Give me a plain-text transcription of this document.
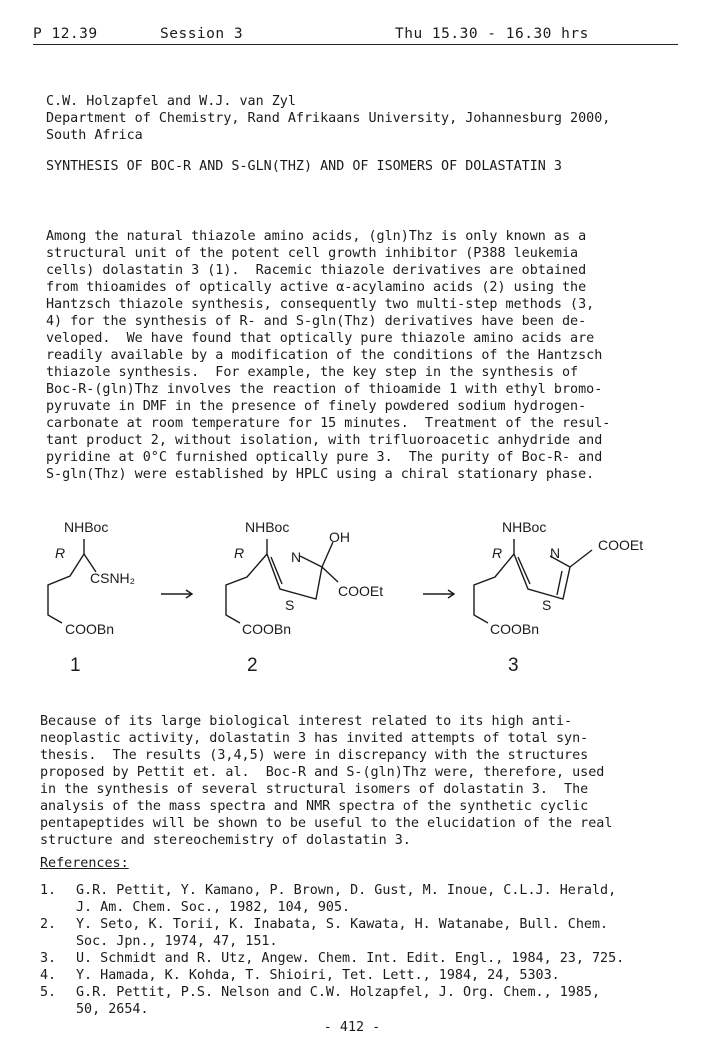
P 12.39	Session 3	Thu 15.30 - 16.30 hrs
C.W. Holzapfel and W.J. van Zyl
Department of Chemistry, Rand Afrikaans University, Johannesburg 2000,
South Africa
SYNTHESIS OF BOC-R AND S-GLN(THZ) AND OF ISOMERS OF DOLASTATIN 3
Among the natural thiazole amino acids, (gln)Thz is only known as a
structural unit of the potent cell growth inhibitor (P388 leukemia
cells) dolastatin 3 (1).  Racemic thiazole derivatives are obtained
from thioamides of optically active α-acylamino acids (2) using the
Hantzsch thiazole synthesis, consequently two multi-step methods (3,
4) for the synthesis of R- and S-gln(Thz) derivatives have been de-
veloped.  We have found that optically pure thiazole amino acids are
readily available by a modification of the conditions of the Hantzsch
thiazole synthesis.  For example, the key step in the synthesis of
Boc-R-(gln)Thz involves the reaction of thioamide 1 with ethyl bromo-
pyruvate in DMF in the presence of finely powdered sodium hydrogen-
carbonate at room temperature for 15 minutes.  Treatment of the resul-
tant product 2, without isolation, with trifluoroacetic anhydride and
pyridine at 0°C furnished optically pure 3.  The purity of Boc-R- and
S-gln(Thz) were established by HPLC using a chiral stationary phase.
NHBoc
R
CSNH₂
COOBn
1
NHBoc
R	N
OH
S
COOEt
COOBn
2
NHBoc
R	N
S
COOEt
COOBn
3
Because of its large biological interest related to its high anti-
neoplastic activity, dolastatin 3 has invited attempts of total syn-
thesis.  The results (3,4,5) were in discrepancy with the structures
proposed by Pettit et. al.  Boc-R and S-(gln)Thz were, therefore, used
in the synthesis of several structural isomers of dolastatin 3.  The
analysis of the mass spectra and NMR spectra of the synthetic cyclic
pentapeptides will be shown to be useful to the elucidation of the real
structure and stereochemistry of dolastatin 3.
References:
1. G.R. Pettit, Y. Kamano, P. Brown, D. Gust, M. Inoue, C.L.J. Herald,
J. Am. Chem. Soc., 1982, 104, 905.
2. Y. Seto, K. Torii, K. Inabata, S. Kawata, H. Watanabe, Bull. Chem.
Soc. Jpn., 1974, 47, 151.
3. U. Schmidt and R. Utz, Angew. Chem. Int. Edit. Engl., 1984, 23, 725.
4. Y. Hamada, K. Kohda, T. Shioiri, Tet. Lett., 1984, 24, 5303.
5. G.R. Pettit, P.S. Nelson and C.W. Holzapfel, J. Org. Chem., 1985,
50, 2654.
- 412 -
